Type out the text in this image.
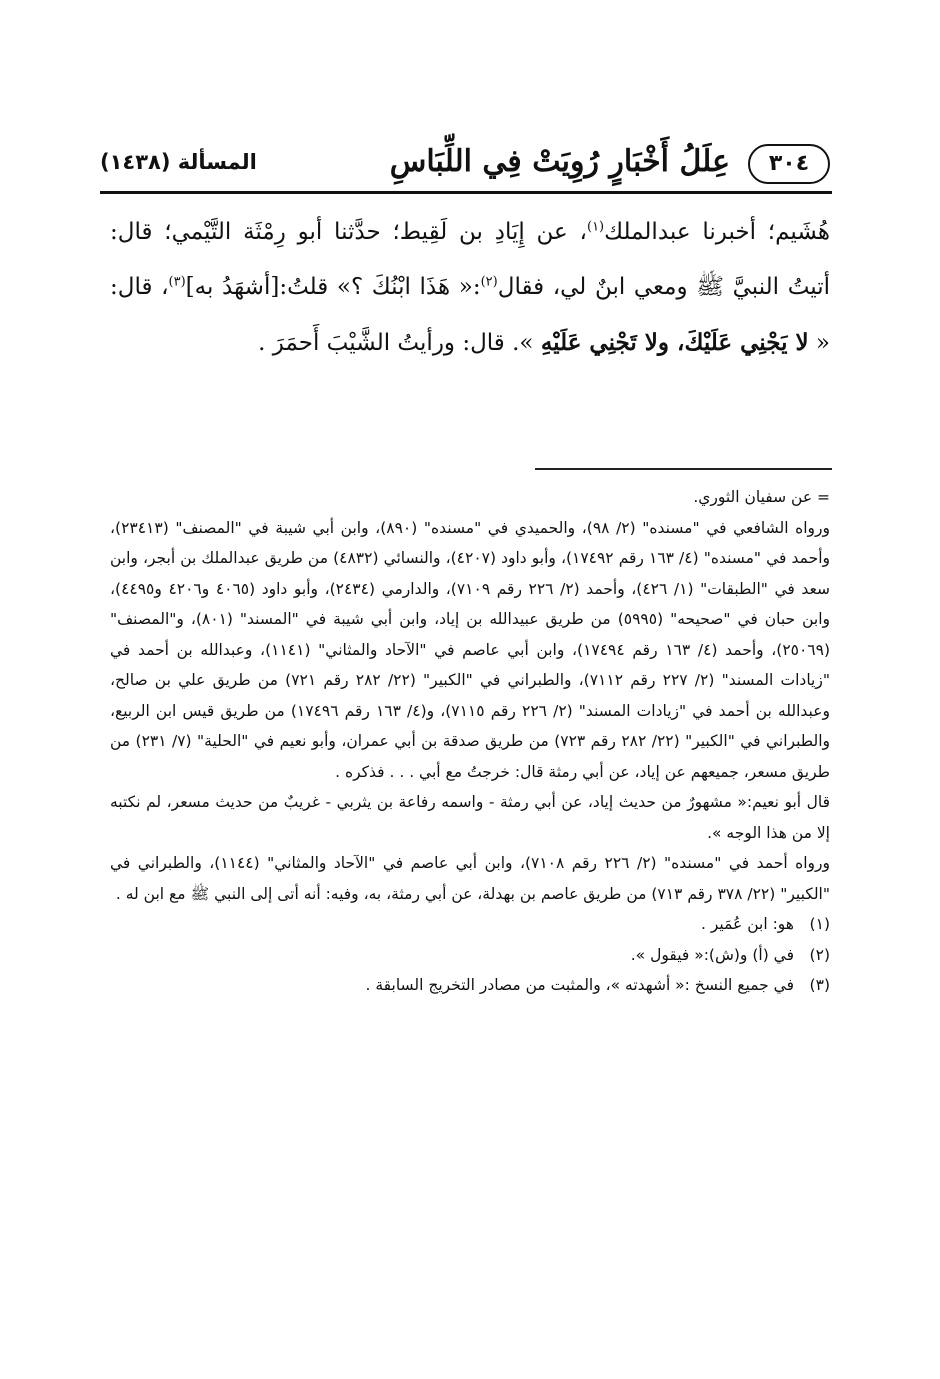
٣٠٤
عِلَلُ أَخْبَارٍ رُوِيَتْ فِي اللِّبَاسِ
المسألة (١٤٣٨)

هُشَيم؛ أخبرنا عبدالملك$^{(١)}$، عن إِيَادِ بن لَقِيط؛ حدَّثنا أبو رِمْثَة التَّيْمي؛ قال: أتيتُ النبيَّ ﷺ ومعي ابنٌ لي، فقال$^{(٢)}$:« هَذَا ابْنُكَ ؟» قلتُ:[أشهَدُ به]$^{(٣)}$، قال: « لا يَجْنِي عَلَيْكَ، ولا تَجْنِي عَلَيْهِ ». قال: ورأيتُ الشَّيْبَ أَحمَرَ .

= عن سفيان الثوري.

ورواه الشافعي في "مسنده" (٢/ ٩٨)، والحميدي في "مسنده" (٨٩٠)، وابن أبي شيبة في "المصنف" (٢٣٤١٣)، وأحمد في "مسنده" (٤/ ١٦٣ رقم ١٧٤٩٢)، وأبو داود (٤٢٠٧)، والنسائي (٤٨٣٢) من طريق عبدالملك بن أبجر، وابن سعد في "الطبقات" (١/ ٤٢٦)، وأحمد (٢/ ٢٢٦ رقم ٧١٠٩)، والدارمي (٢٤٣٤)، وأبو داود (٤٠٦٥ و٤٢٠٦ و٤٤٩٥)، وابن حبان في "صحيحه" (٥٩٩٥) من طريق عبيدالله بن إياد، وابن أبي شيبة في "المسند" (٨٠١)، و"المصنف" (٢٥٠٦٩)، وأحمد (٤/ ١٦٣ رقم ١٧٤٩٤)، وابن أبي عاصم في "الآحاد والمثاني" (١١٤١)، وعبدالله بن أحمد في "زيادات المسند" (٢/ ٢٢٧ رقم ٧١١٢)، والطبراني في "الكبير" (٢٢/ ٢٨٢ رقم ٧٢١) من طريق علي بن صالح، وعبدالله بن أحمد في "زيادات المسند" (٢/ ٢٢٦ رقم ٧١١٥)، و(٤/ ١٦٣ رقم ١٧٤٩٦) من طريق قيس ابن الربيع، والطبراني في "الكبير" (٢٢/ ٢٨٢ رقم ٧٢٣) من طريق صدقة بن أبي عمران، وأبو نعيم في "الحلية" (٧/ ٢٣١) من طريق مسعر، جميعهم عن إياد، عن أبي رمثة قال: خرجتُ مع أبي . . . فذكره .

قال أبو نعيم:« مشهورٌ من حديث إياد، عن أبي رمثة - واسمه رفاعة بن يثربي - غريبٌ من حديث مسعر، لم نكتبه إلا من هذا الوجه ».

ورواه أحمد في "مسنده" (٢/ ٢٢٦ رقم ٧١٠٨)، وابن أبي عاصم في "الآحاد والمثاني" (١١٤٤)، والطبراني في "الكبير" (٢٢/ ٣٧٨ رقم ٧١٣) من طريق عاصم بن بهدلة، عن أبي رمثة، به، وفيه: أنه أتى إلى النبي ﷺ مع ابن له .

(١)
هو: ابن عُمَير .
(٢)
في (أ) و(ش):« فيقول ».
(٣)
في جميع النسخ :« أشهدته »، والمثبت من مصادر التخريج السابقة .
